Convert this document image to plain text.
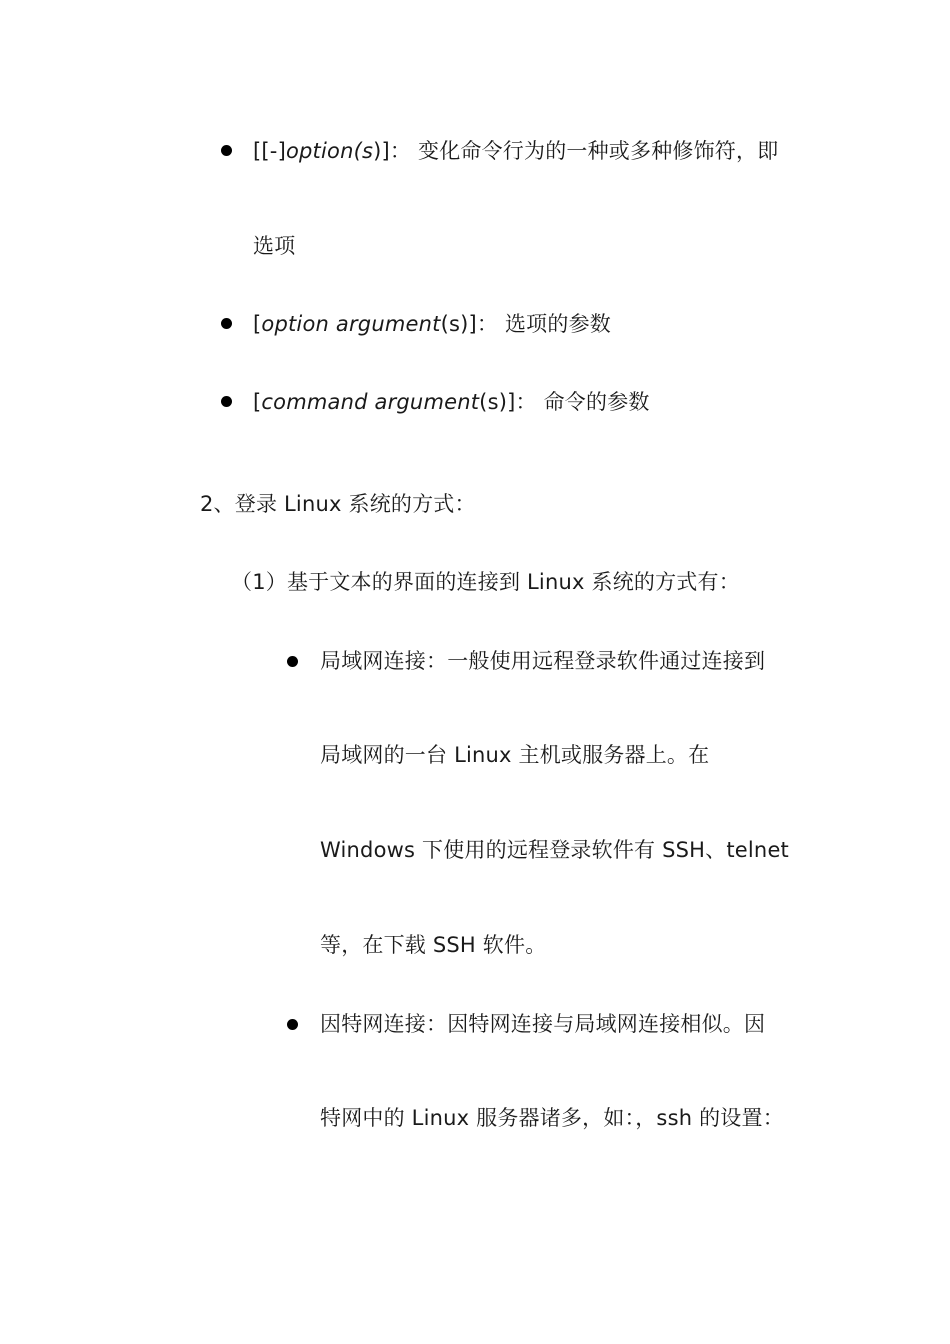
[[-]option(s)]： 变化命令行为的一种或多种修饰符，即
选项
[option argument(s)]： 选项的参数
[command argument(s)]： 命令的参数
2、登录 Linux 系统的方式：
（1）基于文本的界面的连接到 Linux 系统的方式有：
局域网连接：一般使用远程登录软件通过连接到
局域网的一台 Linux 主机或服务器上。在
Windows 下使用的远程登录软件有 SSH、telnet
等，在下载 SSH 软件。
因特网连接：因特网连接与局域网连接相似。因
特网中的 Linux 服务器诸多，如：，ssh 的设置：
